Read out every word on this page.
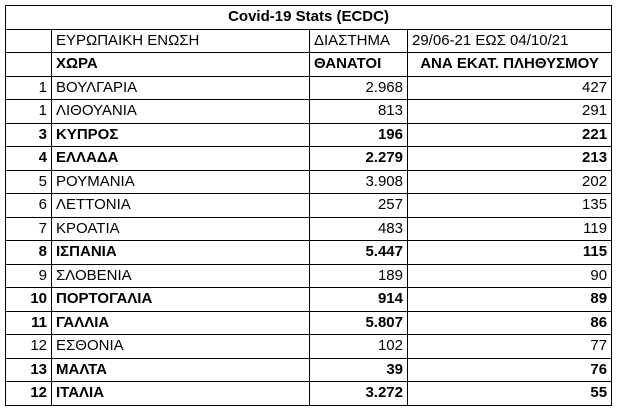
Covid-19 Stats (ECDC)			
	ΕΥΡΩΠΑΙΚΗ ΕΝΩΣΗ	ΔΙΑΣΤΗΜΑ	29/06-21 ΕΩΣ 04/10/21
	ΧΩΡΑ	ΘΑΝΑΤΟΙ	ΑΝΑ ΕΚΑΤ. ΠΛΗΘΥΣΜΟΥ
1	ΒΟΥΛΓΑΡΙΑ	2.968	427
1	ΛΙΘΟΥΑΝΙΑ	813	291
3	ΚΥΠΡΟΣ	196	221
4	ΕΛΛΑΔΑ	2.279	213
5	ΡΟΥΜΑΝΙΑ	3.908	202
6	ΛΕΤΤΟΝΙΑ	257	135
7	ΚΡΟΑΤΙΑ	483	119
8	ΙΣΠΑΝΙΑ	5.447	115
9	ΣΛΟΒΕΝΙΑ	189	90
10	ΠΟΡΤΟΓΑΛΙΑ	914	89
11	ΓΑΛΛΙΑ	5.807	86
12	ΕΣΘΟΝΙΑ	102	77
13	ΜΑΛΤΑ	39	76
12	ΙΤΑΛΙΑ	3.272	55
